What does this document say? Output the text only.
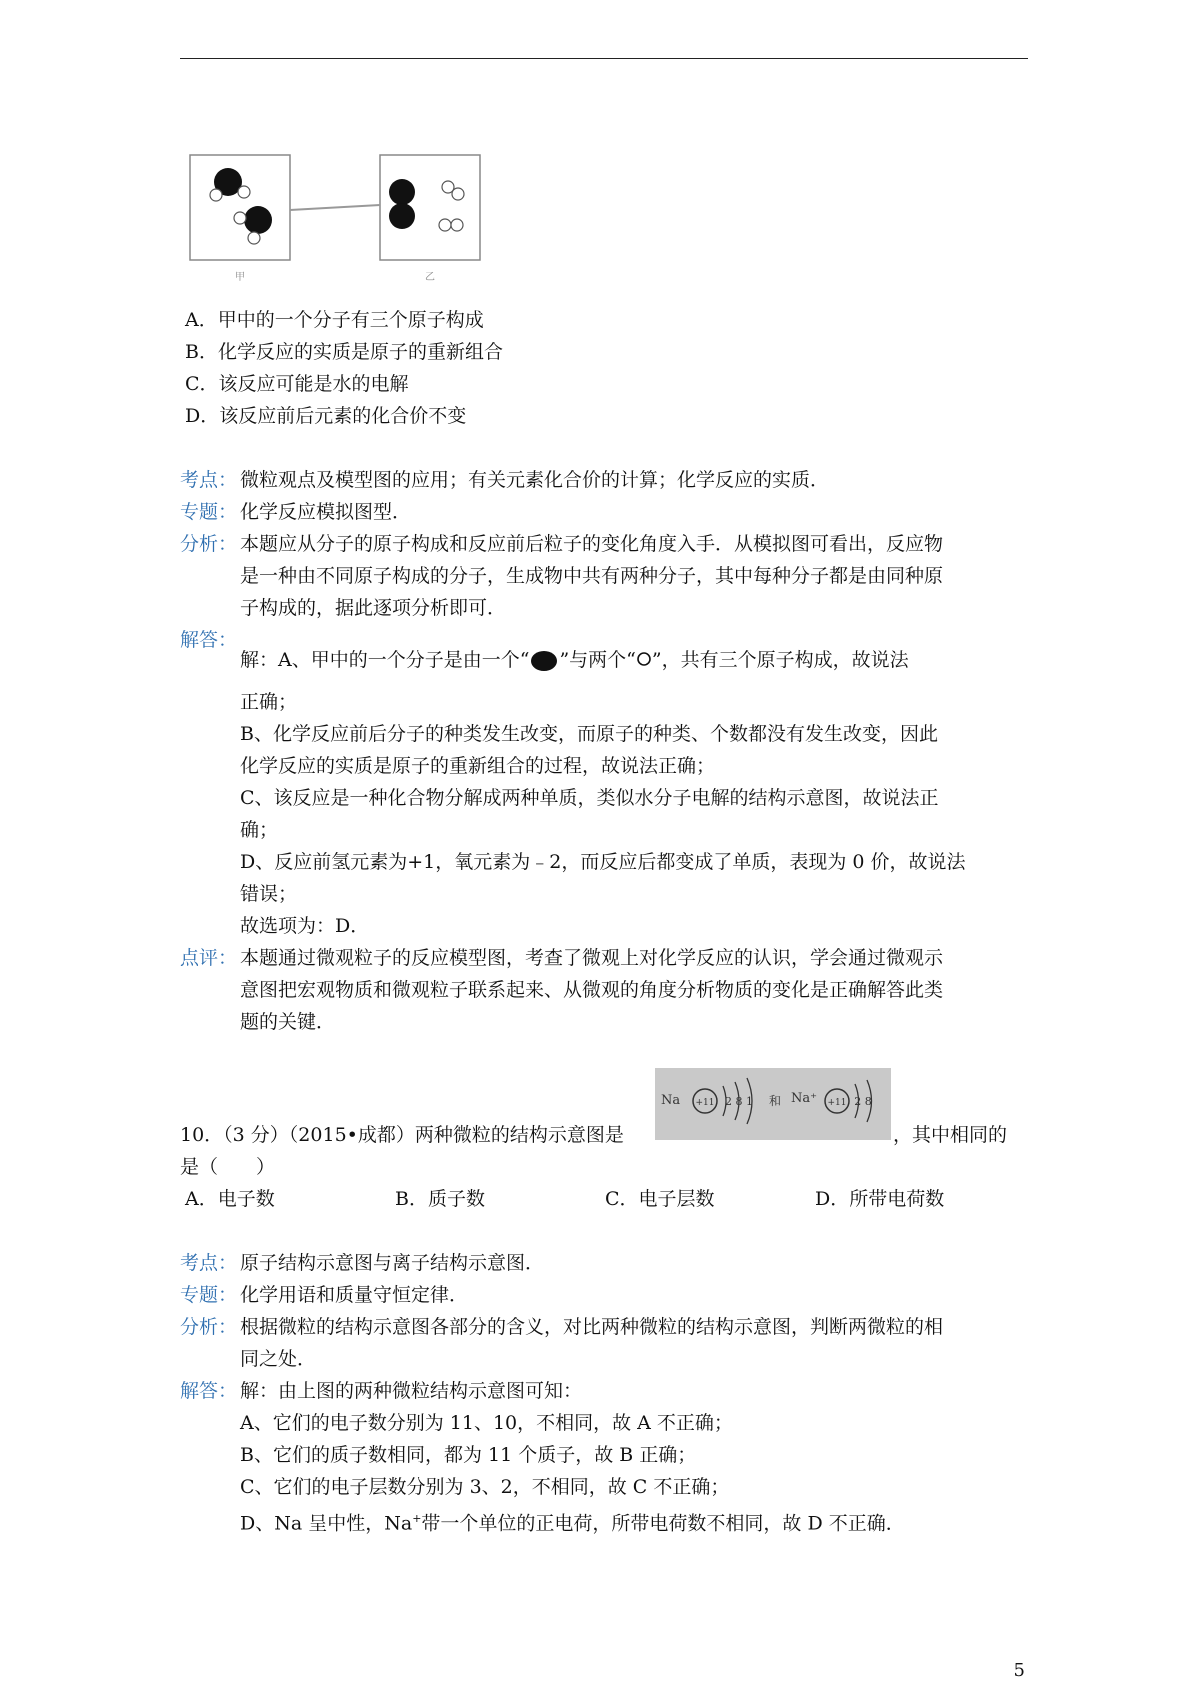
甲	乙
A．甲中的一个分子有三个原子构成
B．化学反应的实质是原子的重新组合
C．该反应可能是水的电解
D．该反应前后元素的化合价不变
考点： 微粒观点及模型图的应用；有关元素化合价的计算；化学反应的实质．
专题： 化学反应模拟图型．
分析： 本题应从分子的原子构成和反应前后粒子的变化角度入手．从模拟图可看出，反应物
是一种由不同原子构成的分子，生成物中共有两种分子，其中每种分子都是由同种原
子构成的，据此逐项分析即可．
解答：
解：A、甲中的一个分子是由一个“ ”与两个“ ”，共有三个原子构成，故说法
正确；
B、化学反应前后分子的种类发生改变，而原子的种类、个数都没有发生改变，因此
化学反应的实质是原子的重新组合的过程，故说法正确；
C、该反应是一种化合物分解成两种单质，类似水分子电解的结构示意图，故说法正
确；
D、反应前氢元素为+1，氧元素为﹣2，而反应后都变成了单质，表现为 0 价，故说法
错误；
故选项为：D．
点评： 本题通过微观粒子的反应模型图，考查了微观上对化学反应的认识，学会通过微观示
意图把宏观物质和微观粒子联系起来、从微观的角度分析物质的变化是正确解答此类
题的关键．
Na +11 2 8 1 和 Na⁺ +11 2 8
10．（3 分）（2015•成都）两种微粒的结构示意图是	，其中相同的
是（　　）
A．电子数	B．质子数	C．电子层数	D．所带电荷数
考点： 原子结构示意图与离子结构示意图．
专题： 化学用语和质量守恒定律．
分析： 根据微粒的结构示意图各部分的含义，对比两种微粒的结构示意图，判断两微粒的相
同之处．
解答： 解：由上图的两种微粒结构示意图可知：
A、它们的电子数分别为 11、10，不相同，故 A 不正确；
B、它们的质子数相同，都为 11 个质子，故 B 正确；
C、它们的电子层数分别为 3、2，不相同，故 C 不正确；
D、Na 呈中性，Na+带一个单位的正电荷，所带电荷数不相同，故 D 不正确．
5
